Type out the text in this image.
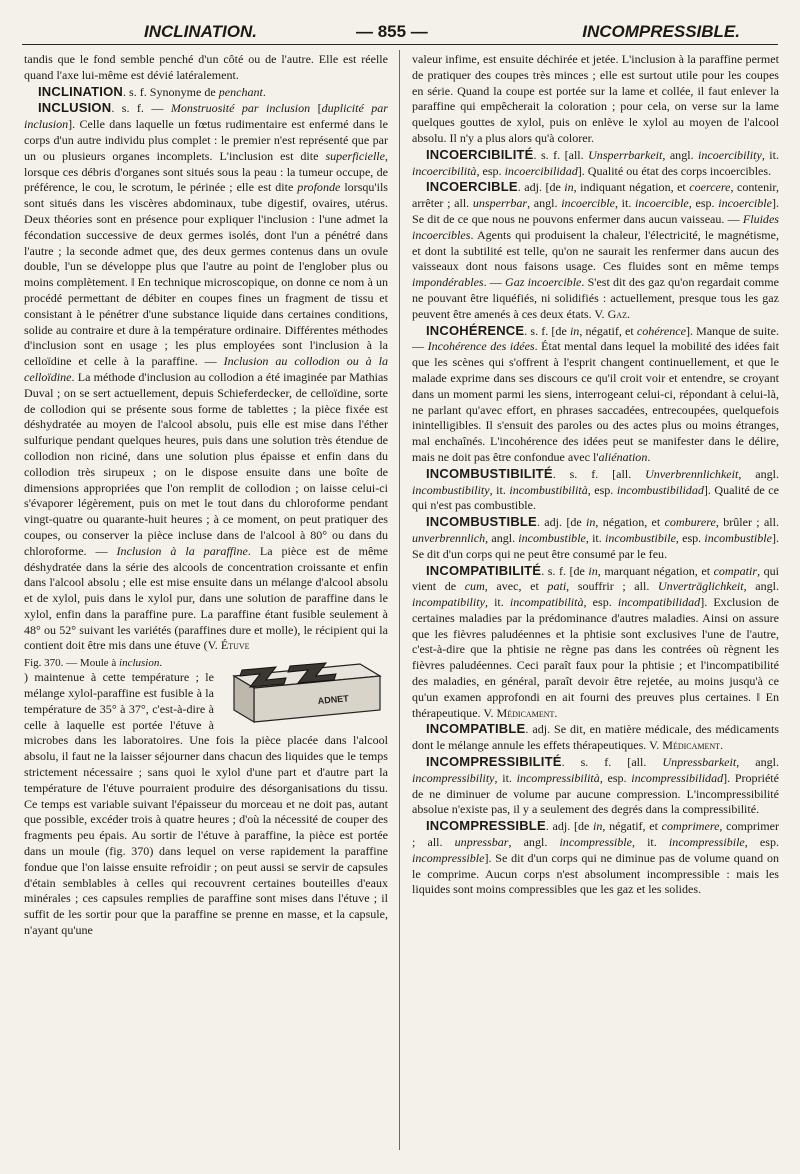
INCLINATION.	— 855 —	INCOMPRESSIBLE.

tandis que le fond semble penché d'un côté ou de l'autre. Elle est réelle quand l'axe lui-même est dévié latéralement.

INCLINATION. s. f. Synonyme de penchant.

INCLUSION. s. f. — Monstruosité par inclusion [duplicité par inclusion]. Celle dans laquelle un fœtus rudimentaire est enfermé dans le corps d'un autre individu plus complet : le premier n'est représenté que par un ou plusieurs organes incomplets. L'inclusion est dite superficielle, lorsque ces débris d'organes sont situés sous la peau : la tumeur occupe, de préférence, le cou, le scrotum, le périnée ; elle est dite profonde lorsqu'ils sont situés dans les viscères abdominaux, tube digestif, ovaires, utérus. Deux théories sont en présence pour expliquer l'inclusion : l'une admet la fécondation successive de deux germes isolés, dont l'un a pénétré dans l'autre ; la seconde admet que, des deux germes contenus dans un ovule double, l'un se développe plus que l'autre au point de l'englober plus ou moins complètement. ‖ En technique microscopique, on donne ce nom à un procédé permettant de débiter en coupes fines un fragment de tissu et consistant à le pénétrer d'une substance liquide dans certaines conditions, solide au contraire et dure à la température ordinaire. Différentes méthodes d'inclusion sont en usage ; les plus employées sont l'inclusion à la celloïdine et celle à la paraffine. — Inclusion au collodion ou à la celloïdine. La méthode d'inclusion au collodion a été imaginée par Mathias Duval ; on se sert actuellement, depuis Schieferdecker, de celloïdine, sorte de collodion qui se présente sous forme de tablettes ; la pièce fixée est déshydratée au moyen de l'alcool absolu, puis elle est mise dans l'éther sulfurique pendant quelques heures, puis dans une solution très étendue de collodion non riciné, dans une solution plus épaisse et enfin dans du collodion très sirupeux ; on le dispose ensuite dans une boîte de dimensions appropriées que l'on remplit de collodion ; on laisse celui-ci s'évaporer légèrement, puis on met le tout dans du chloroforme pendant vingt-quatre ou quarante-huit heures ; à ce moment, on peut pratiquer des coupes, ou conserver la pièce incluse dans de l'alcool à 80° ou dans du chloroforme. — Inclusion à la paraffine. La pièce est de même déshydratée dans la série des alcools de concentration croissante et enfin dans l'alcool absolu ; elle est mise ensuite dans un mélange d'alcool absolu et de xylol, puis dans le xylol pur, dans une solution de paraffine dans le xylol, enfin dans la paraffine pure. La paraffine étant fusible seulement à 48° ou 52° suivant les variétés (paraffines dure et molle), le récipient qui la contient doit être mis dans une étuve (V. Étuve
ADNET

Fig. 370. — Moule à inclusion.
) maintenue à cette température ; le mélange xylol-paraffine est fusible à la température de 35° à 37°, c'est-à-dire à celle à laquelle est portée l'étuve à microbes dans les laboratoires. Une fois la pièce placée dans l'alcool absolu, il faut ne la laisser séjourner dans chacun des liquides que le temps strictement nécessaire ; sans quoi le xylol d'une part et d'autre part la température de l'étuve pourraient produire des désorganisations du tissu. Ce temps est variable suivant l'épaisseur du morceau et ne doit pas, autant que possible, excéder trois à quatre heures ; d'où la nécessité de couper des fragments peu épais. Au sortir de l'étuve à paraffine, la pièce est portée dans un moule (fig. 370) dans lequel on verse rapidement la paraffine fondue que l'on laisse ensuite refroidir ; on peut aussi se servir de capsules d'étain semblables à celles qui recouvrent certaines bouteilles d'eaux minérales ; ces capsules remplies de paraffine sont mises dans l'étuve ; il suffit de les sortir pour que la paraffine se prenne en masse, et la capsule, n'ayant qu'une

valeur infime, est ensuite déchirée et jetée. L'inclusion à la paraffine permet de pratiquer des coupes très minces ; elle est surtout utile pour les coupes en série. Quand la coupe est portée sur la lame et collée, il faut enlever la paraffine qui empêcherait la coloration ; pour cela, on verse sur la lame quelques gouttes de xylol, puis on enlève le xylol au moyen de l'alcool absolu. Il n'y a plus alors qu'à colorer.

INCOERCIBILITÉ. s. f. [all. Unsperrbarkeit, angl. incoercibility, it. incoercibilità, esp. incoercibilidad]. Qualité ou état des corps incoercibles.

INCOERCIBLE. adj. [de in, indiquant négation, et coercere, contenir, arrêter ; all. unsperrbar, angl. incoercible, it. incoercible, esp. incoercible]. Se dit de ce que nous ne pouvons enfermer dans aucun vaisseau. — Fluides incoercibles. Agents qui produisent la chaleur, l'électricité, le magnétisme, et dont la subtilité est telle, qu'on ne saurait les renfermer dans aucun des vaisseaux dont nous faisons usage. Ces fluides sont en même temps impondérables. — Gaz incoercible. S'est dit des gaz qu'on regardait comme ne pouvant être liquéfiés, ni solidifiés : actuellement, presque tous les gaz peuvent être amenés à ces deux états. V. Gaz.

INCOHÉRENCE. s. f. [de in, négatif, et cohérence]. Manque de suite. — Incohérence des idées. État mental dans lequel la mobilité des idées fait que les scènes qui s'offrent à l'esprit changent continuellement, et que le malade exprime dans ses discours ce qu'il croit voir et entendre, se croyant dans un moment parmi les siens, interrogeant celui-ci, répondant à celui-là, ne parlant qu'avec effort, en phrases saccadées, entrecoupées, quelquefois inintelligibles. Il s'ensuit des paroles ou des actes plus ou moins étranges, mal enchaînés. L'incohérence des idées peut se manifester dans le délire, mais ne doit pas être confondue avec l'aliénation.

INCOMBUSTIBILITÉ. s. f. [all. Unverbrennlichkeit, angl. incombustibility, it. incombustibilità, esp. incombustibilidad]. Qualité de ce qui n'est pas combustible.

INCOMBUSTIBLE. adj. [de in, négation, et comburere, brûler ; all. unverbrennlich, angl. incombustible, it. incombustibile, esp. incombustible]. Se dit d'un corps qui ne peut être consumé par le feu.

INCOMPATIBILITÉ. s. f. [de in, marquant négation, et compatir, qui vient de cum, avec, et pati, souffrir ; all. Unverträglichkeit, angl. incompatibility, it. incompatibilità, esp. incompatibilidad]. Exclusion de certaines maladies par la prédominance d'autres maladies. Ainsi on assure que les fièvres paludéennes et la phtisie sont exclusives l'une de l'autre, c'est-à-dire que la phtisie ne règne pas dans les contrées où règnent les fièvres paludéennes. Ceci paraît faux pour la phtisie ; et l'incompatibilité des maladies, en général, paraît devoir être rejetée, au moins jusqu'à ce qu'un examen approfondi en ait fourni des preuves plus certaines. ‖ En thérapeutique. V. Médicament.

INCOMPATIBLE. adj. Se dit, en matière médicale, des médicaments dont le mélange annule les effets thérapeutiques. V. Médicament.

INCOMPRESSIBILITÉ. s. f. [all. Unpressbarkeit, angl. incompressibility, it. incompressibilità, esp. incompressibilidad]. Propriété de ne diminuer de volume par aucune compression. L'incompressibilité absolue n'existe pas, il y a seulement des degrés dans la compressibilité.

INCOMPRESSIBLE. adj. [de in, négatif, et comprimere, comprimer ; all. unpressbar, angl. incompressible, it. incompressibile, esp. incompressible]. Se dit d'un corps qui ne diminue pas de volume quand on le comprime. Aucun corps n'est absolument incompressible : mais les liquides sont moins compressibles que les gaz et les solides.
